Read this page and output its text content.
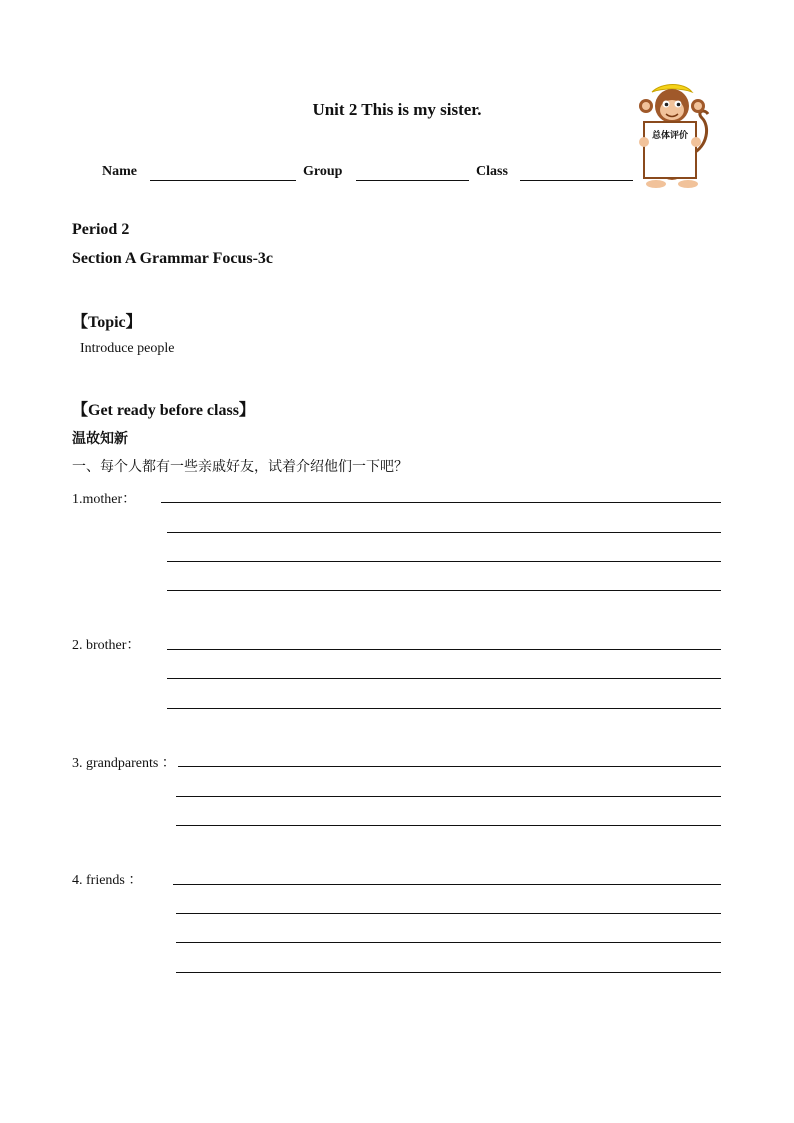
Unit 2 This is my sister.
Name	Group	Class
总体评价
Period 2
Section A Grammar Focus-3c
【Topic】
Introduce people
【Get ready before class】
温故知新
一、每个人都有一些亲戚好友，试着介绍他们一下吧？
1.mother：
2. brother：
3. grandparents ：
4. friends ：
